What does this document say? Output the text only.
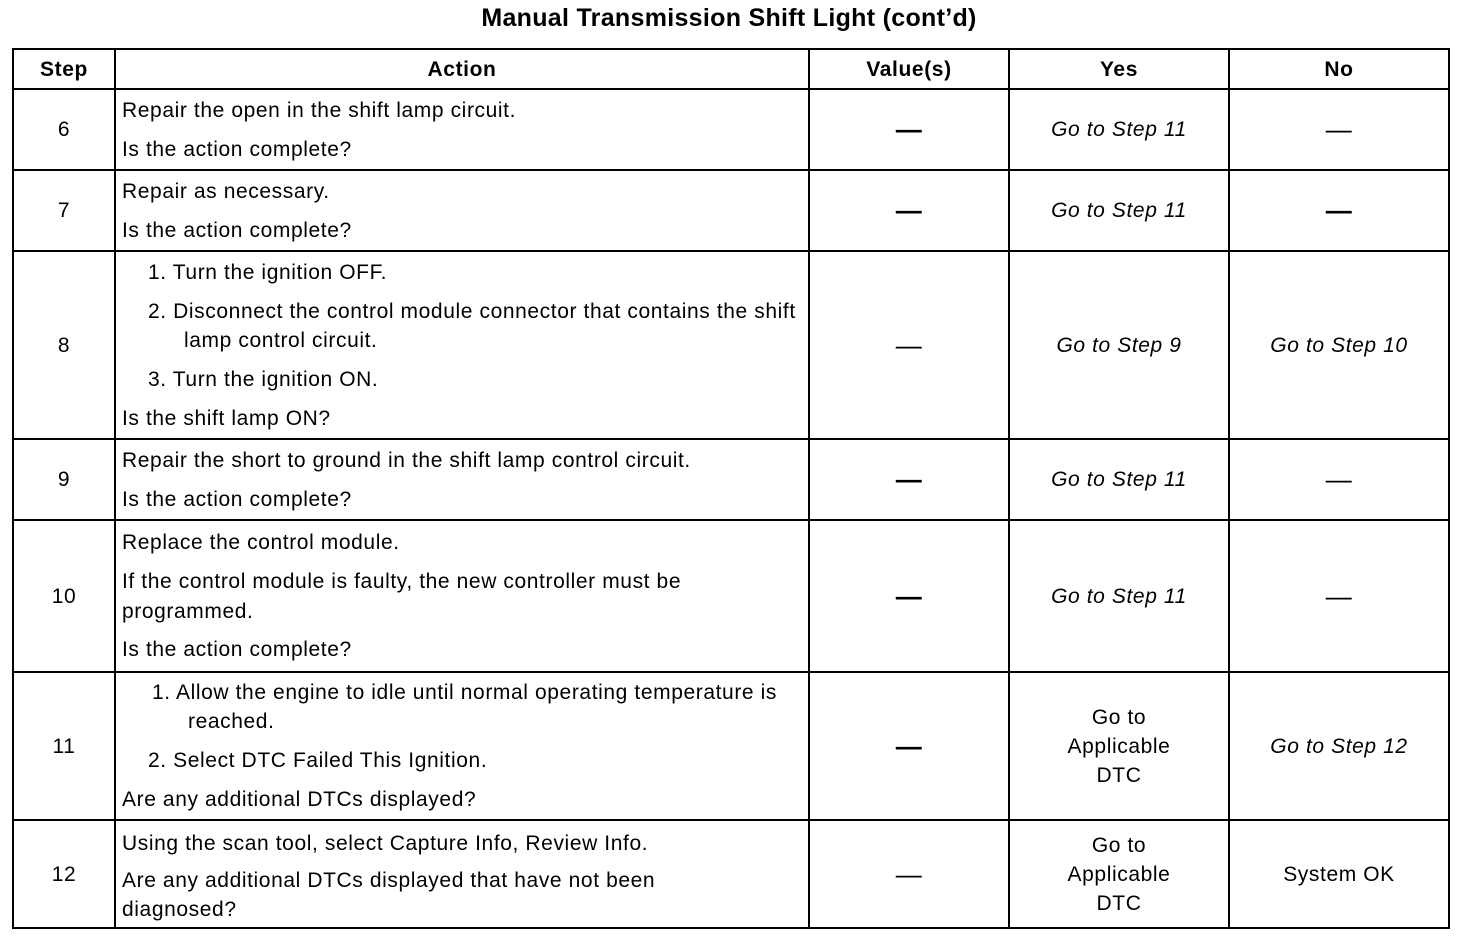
Manual Transmission Shift Light (cont’d)
Step	Action	Value(s)	Yes	No
6	Repair the open in the shift lamp circuit.
Is the action complete?	—	Go to Step 11	—
7	Repair as necessary.
Is the action complete?	—	Go to Step 11	—
8	1. Turn the ignition OFF.
2. Disconnect the control module connector that contains the shift lamp control circuit.
3. Turn the ignition ON.
Is the shift lamp ON?	—	Go to Step 9	Go to Step 10
9	Repair the short to ground in the shift lamp control circuit.
Is the action complete?	—	Go to Step 11	—
10	Replace the control module.
If the control module is faulty, the new controller must be programmed.
Is the action complete?	—	Go to Step 11	—
11	1. Allow the engine to idle until normal operating temperature is reached.
2. Select DTC Failed This Ignition.
Are any additional DTCs displayed?	—	Go to Applicable DTC	Go to Step 12
12	Using the scan tool, select Capture Info, Review Info.
Are any additional DTCs displayed that have not been diagnosed?	—	Go to Applicable DTC	System OK
